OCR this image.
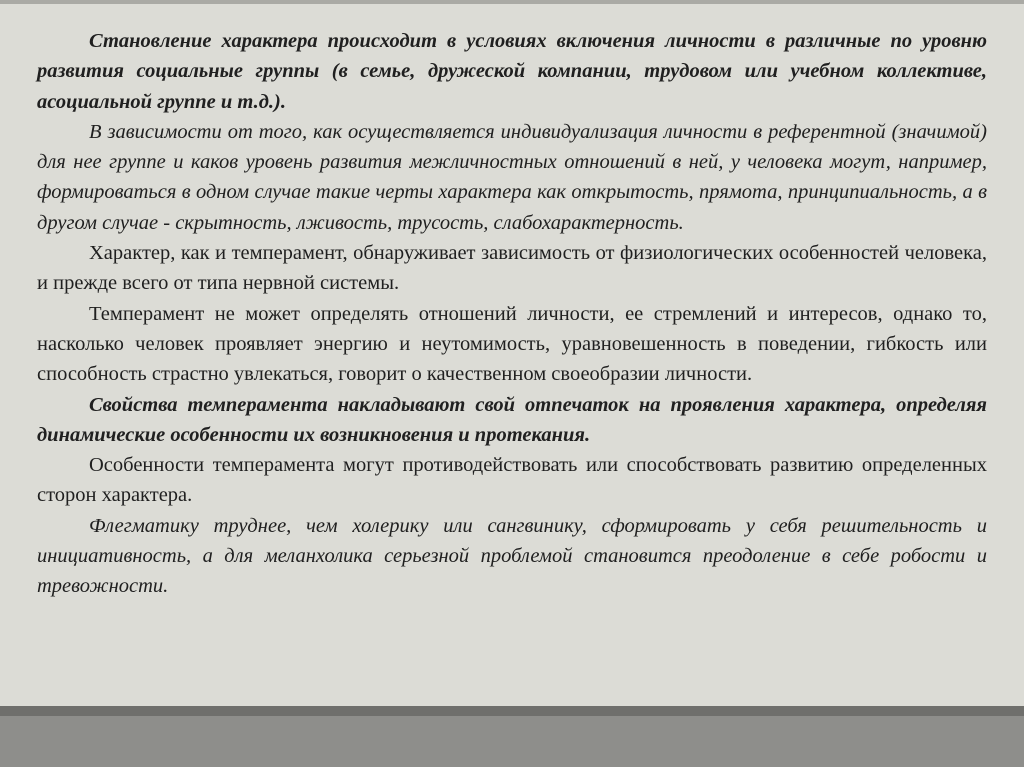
Становление характера происходит в условиях включения личности в различные по уровню развития социальные группы (в семье, дружеской компании, трудовом или учебном коллективе, асоциальной группе и т.д.).

В зависимости от того, как осуществляется индивидуализация личности в референтной (значимой) для нее группе и каков уровень развития межличностных отношений в ней, у человека могут, например, формироваться в одном случае такие черты характера как открытость, прямота, принципиальность, а в другом случае - скрытность, лживость, трусость, слабохарактерность.

Характер, как и темперамент, обнаруживает зависимость от физиологических особенностей человека, и прежде всего от типа нервной системы.

Темперамент не может определять отношений личности, ее стремлений и интересов, однако то, насколько человек проявляет энергию и неутомимость, уравновешенность в поведении, гибкость или способность страстно увлекаться, говорит о качественном своеобразии личности.

Свойства темперамента накладывают свой отпечаток на проявления характера, определяя динамические особенности их возникновения и протекания.

Особенности темперамента могут противодействовать или способствовать развитию определенных сторон характера.

Флегматику труднее, чем холерику или сангвинику, сформировать у себя решительность и инициативность, а для меланхолика серьезной проблемой становится преодоление в себе робости и тревожности.
